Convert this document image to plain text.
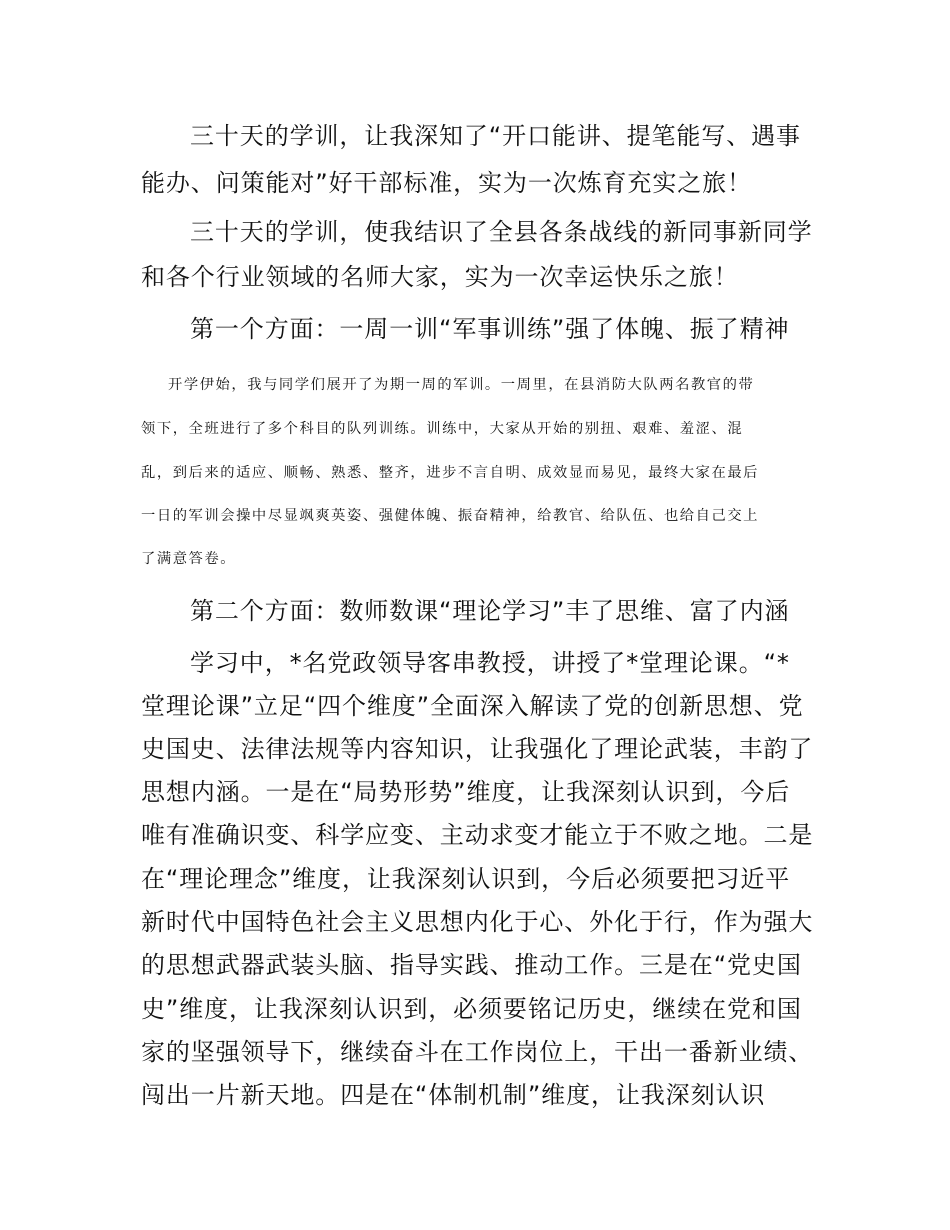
三十天的学训，让我深知了“开口能讲、提笔能写、遇事
能办、问策能对”好干部标准，实为一次炼育充实之旅！
三十天的学训，使我结识了全县各条战线的新同事新同学
和各个行业领域的名师大家，实为一次幸运快乐之旅！
第一个方面：一周一训“军事训练”强了体魄、振了精神
开学伊始，我与同学们展开了为期一周的军训。一周里，在县消防大队两名教官的带
领下，全班进行了多个科目的队列训练。训练中，大家从开始的别扭、艰难、羞涩、混
乱，到后来的适应、顺畅、熟悉、整齐，进步不言自明、成效显而易见，最终大家在最后
一日的军训会操中尽显飒爽英姿、强健体魄、振奋精神，给教官、给队伍、也给自己交上
了满意答卷。
第二个方面：数师数课“理论学习”丰了思维、富了内涵
学习中，*名党政领导客串教授，讲授了*堂理论课。“*
堂理论课”立足“四个维度”全面深入解读了党的创新思想、党
史国史、法律法规等内容知识，让我强化了理论武装，丰韵了
思想内涵。一是在“局势形势”维度，让我深刻认识到，今后
唯有准确识变、科学应变、主动求变才能立于不败之地。二是
在“理论理念”维度，让我深刻认识到，今后必须要把习近平
新时代中国特色社会主义思想内化于心、外化于行，作为强大
的思想武器武装头脑、指导实践、推动工作。三是在“党史国
史”维度，让我深刻认识到，必须要铭记历史，继续在党和国
家的坚强领导下，继续奋斗在工作岗位上，干出一番新业绩、
闯出一片新天地。四是在“体制机制”维度，让我深刻认识
